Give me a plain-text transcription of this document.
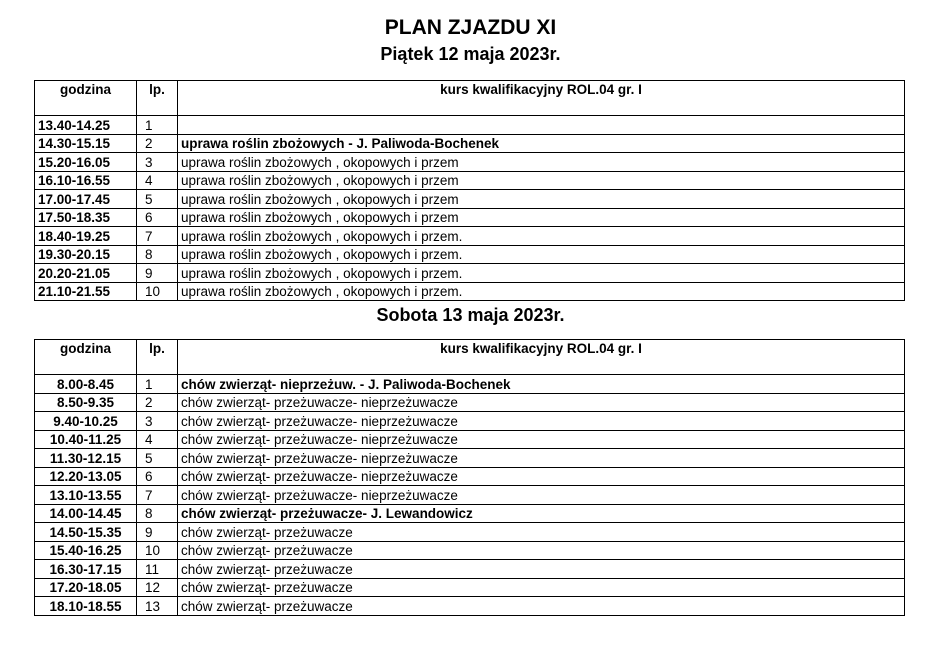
PLAN ZJAZDU XI
Piątek 12 maja 2023r.
godzina	lp.	kurs kwalifikacyjny ROL.04 gr. I
13.40-14.25	1	
14.30-15.15	2	uprawa roślin zbożowych - J. Paliwoda-Bochenek
15.20-16.05	3	uprawa roślin zbożowych , okopowych i przem
16.10-16.55	4	uprawa roślin zbożowych , okopowych i przem
17.00-17.45	5	uprawa roślin zbożowych , okopowych i przem
17.50-18.35	6	uprawa roślin zbożowych , okopowych i przem
18.40-19.25	7	uprawa roślin zbożowych , okopowych i przem.
19.30-20.15	8	uprawa roślin zbożowych , okopowych i przem.
20.20-21.05	9	uprawa roślin zbożowych , okopowych i przem.
21.10-21.55	10	uprawa roślin zbożowych , okopowych i przem.
Sobota 13 maja 2023r.
godzina	lp.	kurs kwalifikacyjny ROL.04 gr. I
8.00-8.45	1	chów zwierząt- nieprzeżuw. - J. Paliwoda-Bochenek
8.50-9.35	2	chów zwierząt- przeżuwacze- nieprzeżuwacze
9.40-10.25	3	chów zwierząt- przeżuwacze- nieprzeżuwacze
10.40-11.25	4	chów zwierząt- przeżuwacze- nieprzeżuwacze
11.30-12.15	5	chów zwierząt- przeżuwacze- nieprzeżuwacze
12.20-13.05	6	chów zwierząt- przeżuwacze- nieprzeżuwacze
13.10-13.55	7	chów zwierząt- przeżuwacze- nieprzeżuwacze
14.00-14.45	8	chów zwierząt- przeżuwacze- J. Lewandowicz
14.50-15.35	9	chów zwierząt- przeżuwacze
15.40-16.25	10	chów zwierząt- przeżuwacze
16.30-17.15	11	chów zwierząt- przeżuwacze
17.20-18.05	12	chów zwierząt- przeżuwacze
18.10-18.55	13	chów zwierząt- przeżuwacze
